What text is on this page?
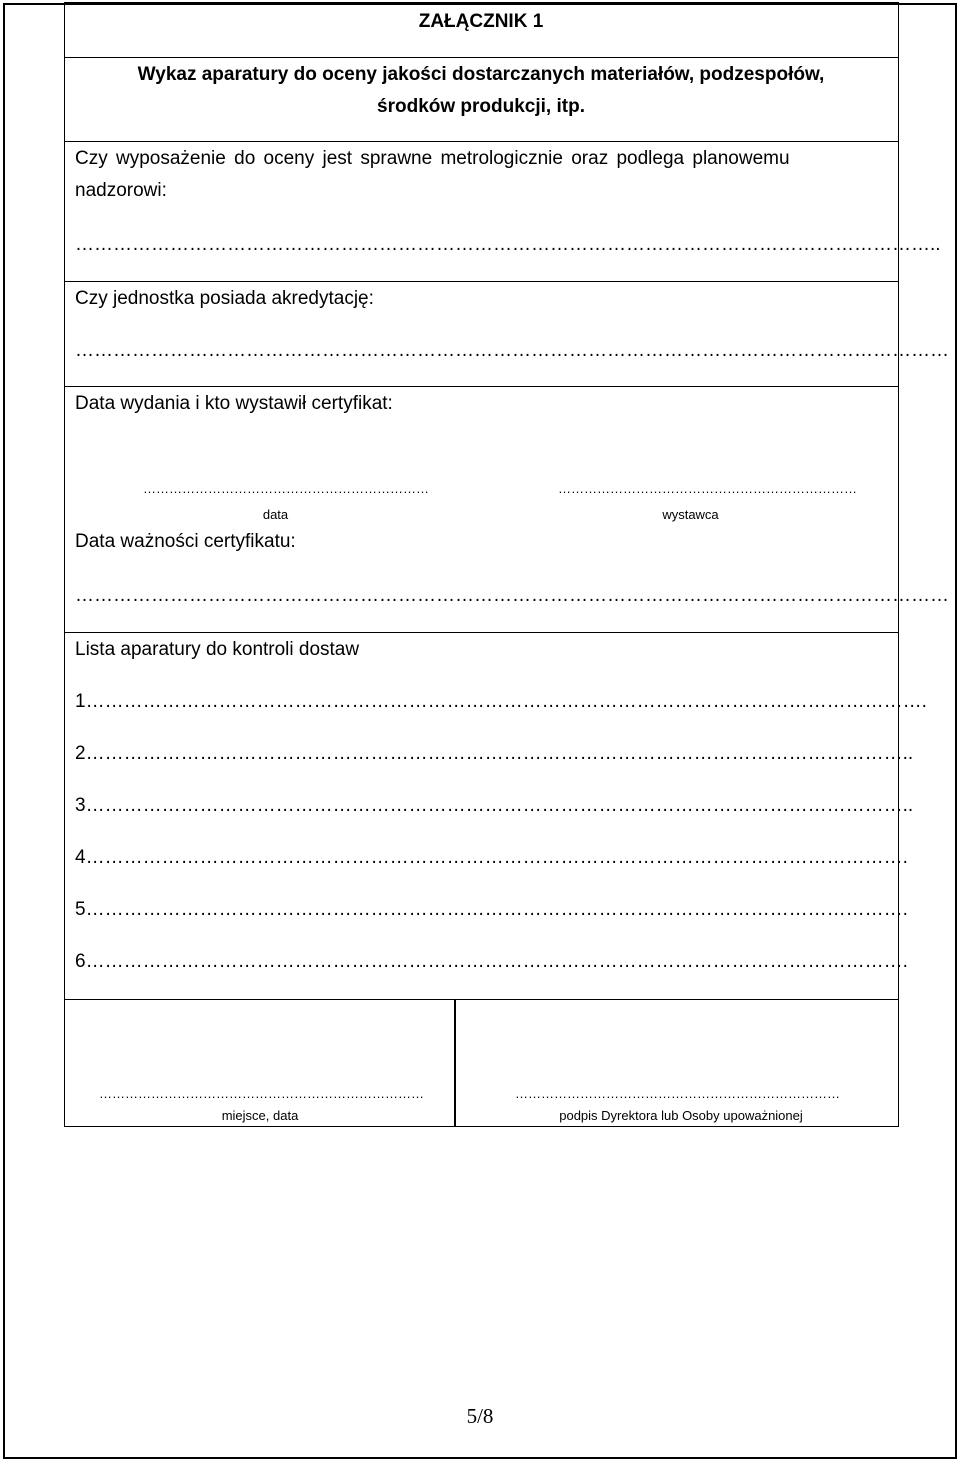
ZAŁĄCZNIK 1
Wykaz aparatury do oceny jakości dostarczanych materiałów, podzespołów,
środków produkcji, itp.
Czy wyposażenie do oceny jest sprawne metrologicznie oraz podlega planowemu
nadzorowi:
………………………………………………………………………………………………………………………..
Czy jednostka posiada akredytację:
…………………………………………………………………………………………………………………………
Data wydania i kto wystawił certyfikat:
…………………………………………………………
data
……………………………………………………………
wystawca
Data ważności certyfikatu:
…………………………………………………………………………………………………………………………
Lista aparatury do kontroli dostaw
1…………………………………………………………………………………………………………………….
2…………………………………………………………………………………………………………………..
3…………………………………………………………………………………………………………………..
4………………………………………………………………………………………………………………….
5………………………………………………………………………………………………………………….
6………………………………………………………………………………………………………………….
…………………………………………………………………
miejsce, data
…………………………………………………………………
podpis Dyrektora lub Osoby upoważnionej
5/8
